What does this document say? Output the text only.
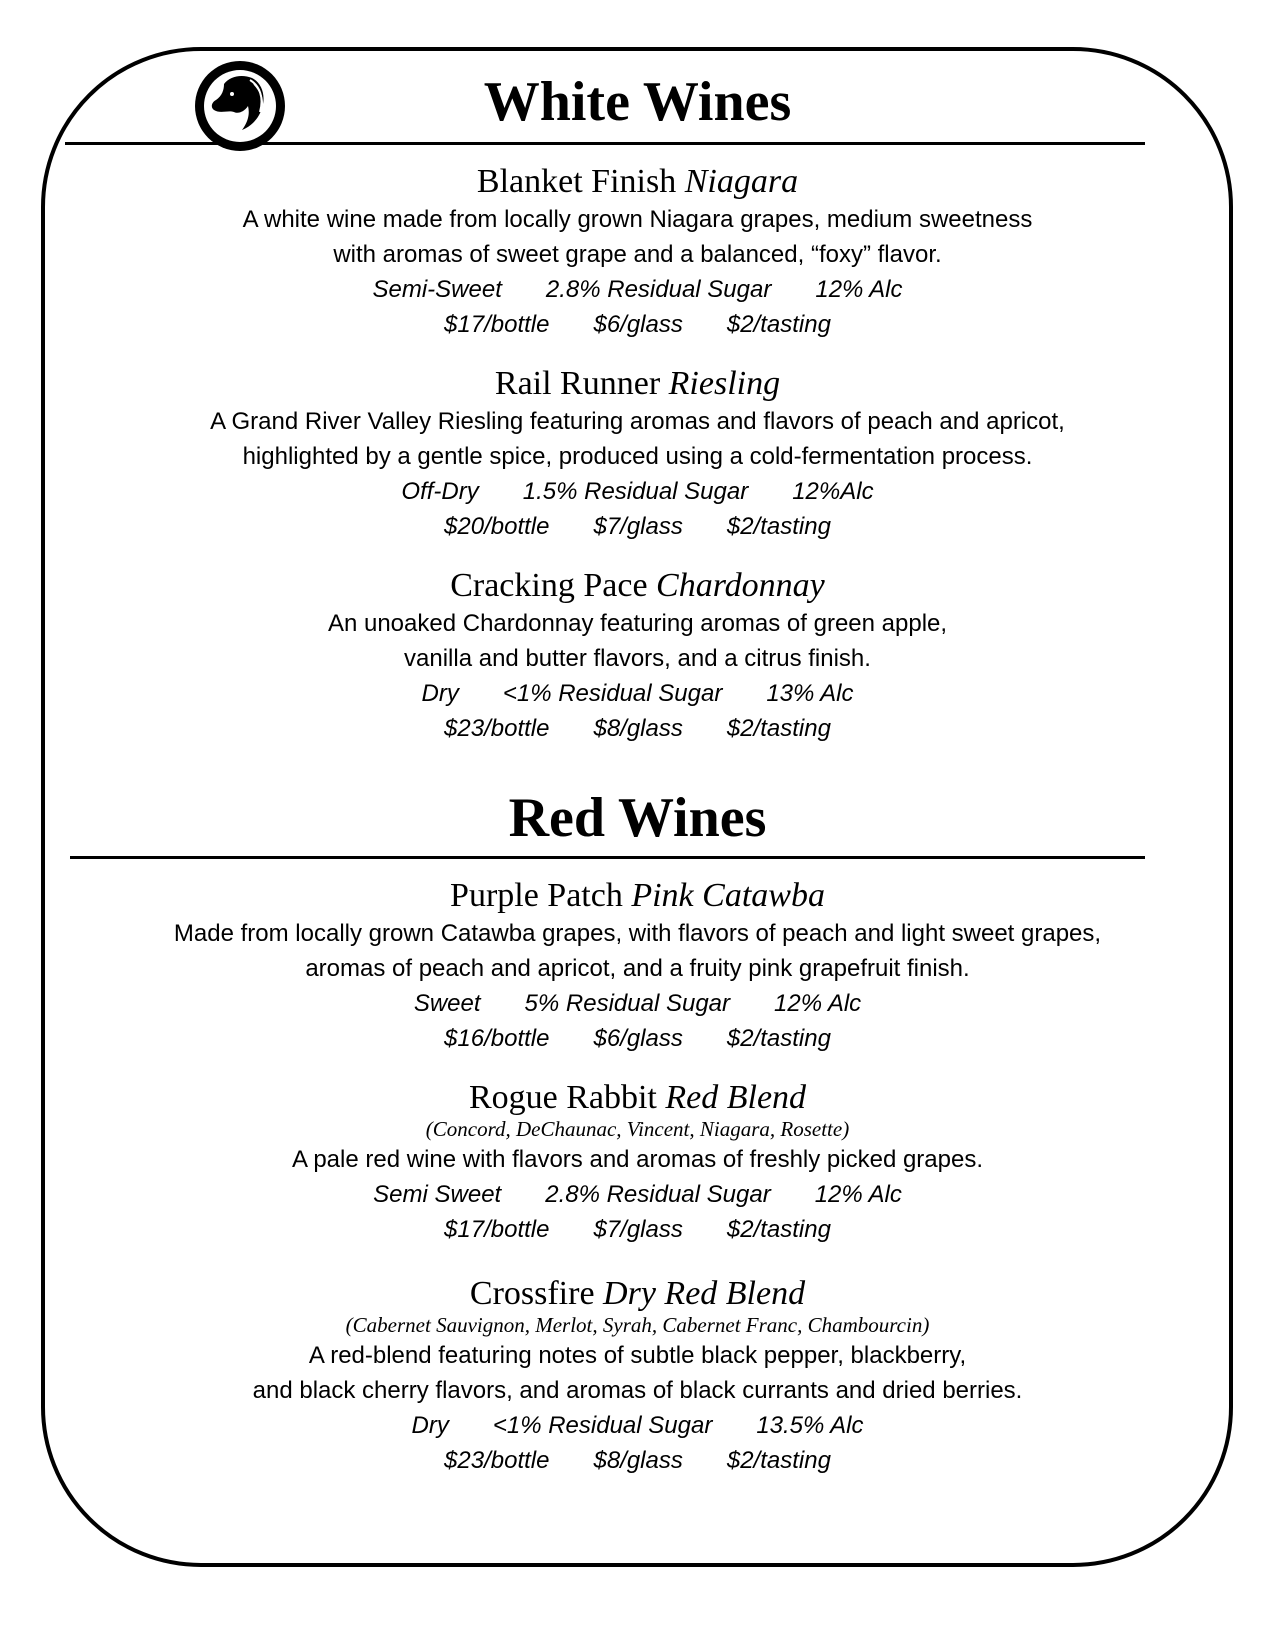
White Wines
Blanket Finish Niagara
A white wine made from locally grown Niagara grapes, medium sweetness
with aromas of sweet grape and a balanced, “foxy” flavor.
Semi-Sweet 2.8% Residual Sugar 12% Alc
$17/bottle $6/glass $2/tasting
Rail Runner Riesling
A Grand River Valley Riesling featuring aromas and flavors of peach and apricot,
highlighted by a gentle spice, produced using a cold-fermentation process.
Off-Dry 1.5% Residual Sugar 12%Alc
$20/bottle $7/glass $2/tasting
Cracking Pace Chardonnay
An unoaked Chardonnay featuring aromas of green apple,
vanilla and butter flavors, and a citrus finish.
Dry <1% Residual Sugar 13% Alc
$23/bottle $8/glass $2/tasting
Red Wines
Purple Patch Pink Catawba
Made from locally grown Catawba grapes, with flavors of peach and light sweet grapes,
aromas of peach and apricot, and a fruity pink grapefruit finish.
Sweet 5% Residual Sugar 12% Alc
$16/bottle $6/glass $2/tasting
Rogue Rabbit Red Blend
(Concord, DeChaunac, Vincent, Niagara, Rosette)
A pale red wine with flavors and aromas of freshly picked grapes.
Semi Sweet 2.8% Residual Sugar 12% Alc
$17/bottle $7/glass $2/tasting
Crossfire Dry Red Blend
(Cabernet Sauvignon, Merlot, Syrah, Cabernet Franc, Chambourcin)
A red-blend featuring notes of subtle black pepper, blackberry,
and black cherry flavors, and aromas of black currants and dried berries.
Dry <1% Residual Sugar 13.5% Alc
$23/bottle $8/glass $2/tasting
